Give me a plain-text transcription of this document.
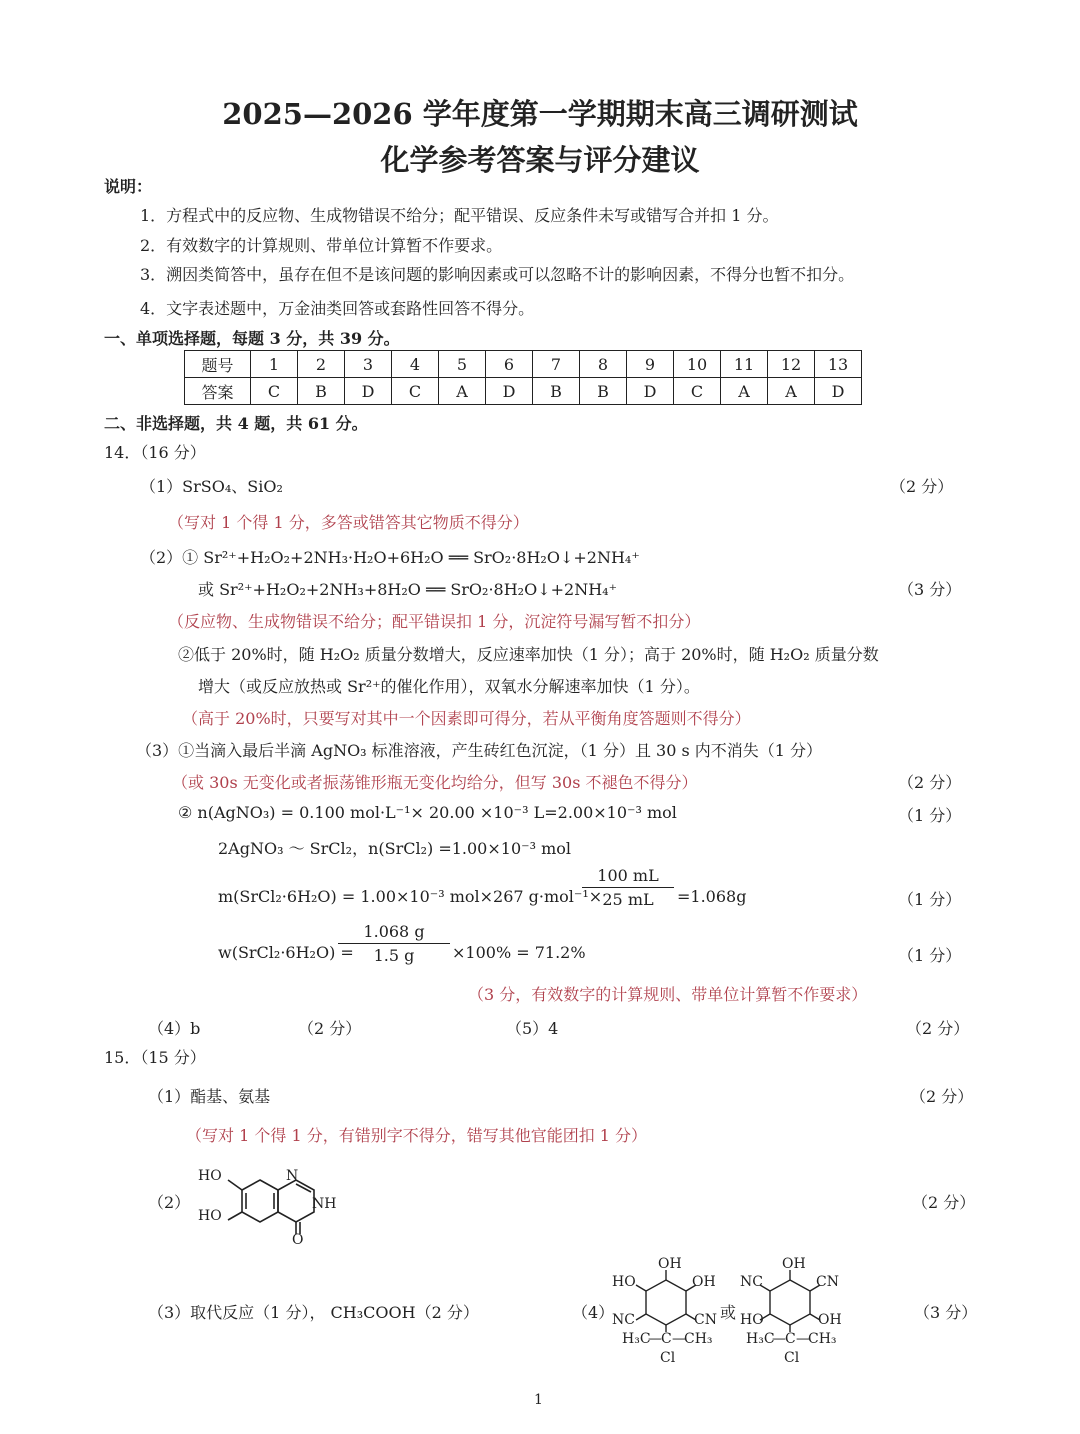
2025—2026 学年度第一学期期末高三调研测试
化学参考答案与评分建议
说明：
1．方程式中的反应物、生成物错误不给分；配平错误、反应条件未写或错写合并扣 1 分。
2．有效数字的计算规则、带单位计算暂不作要求。
3．溯因类简答中，虽存在但不是该问题的影响因素或可以忽略不计的影响因素，不得分也暂不扣分。
4．文字表述题中，万金油类回答或套路性回答不得分。
一、单项选择题，每题 3 分，共 39 分。
题号	1	2	3	4	5	6	7	8	9	10	11	12	13
答案	C	B	D	C	A	D	B	B	D	C	A	A	D
二、非选择题，共 4 题，共 61 分。
14．（16 分）
（1）SrSO₄、SiO₂	（2 分）
（写对 1 个得 1 分，多答或错答其它物质不得分）
（2）① Sr²⁺+H₂O₂+2NH₃·H₂O+6H₂O ══ SrO₂·8H₂O↓+2NH₄⁺
或 Sr²⁺+H₂O₂+2NH₃+8H₂O ══ SrO₂·8H₂O↓+2NH₄⁺	（3 分）
（反应物、生成物错误不给分；配平错误扣 1 分，沉淀符号漏写暂不扣分）
②低于 20%时，随 H₂O₂ 质量分数增大，反应速率加快（1 分）；高于 20%时，随 H₂O₂ 质量分数
增大（或反应放热或 Sr²⁺的催化作用），双氧水分解速率加快（1 分）。
（高于 20%时，只要写对其中一个因素即可得分，若从平衡角度答题则不得分）
（3）①当滴入最后半滴 AgNO₃ 标准溶液，产生砖红色沉淀，（1 分）且 30 s 内不消失（1 分）
（或 30s 无变化或者振荡锥形瓶无变化均给分，但写 30s 不褪色不得分）	（2 分）
② n(AgNO₃) = 0.100 mol·L⁻¹× 20.00 ×10⁻³ L=2.00×10⁻³ mol	（1 分）
2AgNO₃ ～ SrCl₂，n(SrCl₂) =1.00×10⁻³ mol
m(SrCl₂·6H₂O) = 1.00×10⁻³ mol×267 g·mol⁻¹×
100 mL
25 mL	=1.068g	（1 分）
w(SrCl₂·6H₂O) =
1.068 g
1.5 g	×100% = 71.2%	（1 分）
（3 分，有效数字的计算规则、带单位计算暂不作要求）
（4）b	（2 分）	（5）4	（2 分）
15．（15 分）
（1）酯基、氨基	（2 分）
（写对 1 个得 1 分，有错别字不得分，错写其他官能团扣 1 分）
（2）
HO
HO
N
NH
O
（2 分）
（3）取代反应（1 分）， CH₃COOH（2 分）	（4）
OH
HO	OH
NC	CN
H₃C
— C —
CH₃
Cl
或
OH
NC	CN
HO	OH
H₃C
— C —
CH₃
Cl
（3 分）
1
